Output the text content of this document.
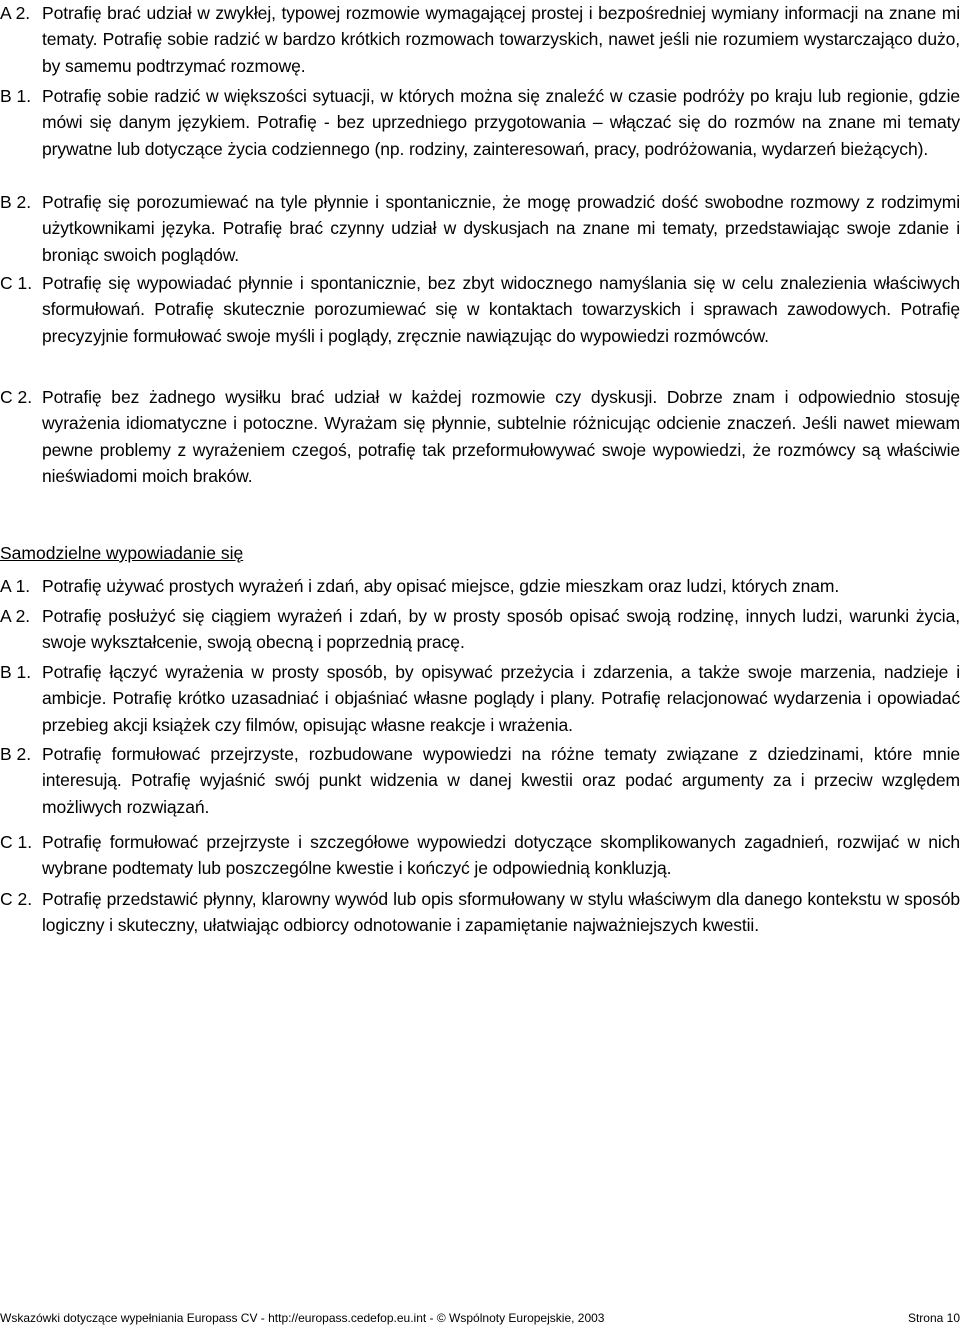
A 2. Potrafię brać udział w zwykłej, typowej rozmowie wymagającej prostej i bezpośredniej wymiany informacji na znane mi tematy. Potrafię sobie radzić w bardzo krótkich rozmowach towarzyskich, nawet jeśli nie rozumiem wystarczająco dużo, by samemu podtrzymać rozmowę.
B 1. Potrafię sobie radzić w większości sytuacji, w których można się znaleźć w czasie podróży po kraju lub regionie, gdzie mówi się danym językiem. Potrafię - bez uprzedniego przygotowania – włączać się do rozmów na znane mi tematy prywatne lub dotyczące życia codziennego (np. rodziny, zainteresowań, pracy, podróżowania, wydarzeń bieżących).
B 2. Potrafię się porozumiewać na tyle płynnie i spontanicznie, że mogę prowadzić dość swobodne rozmowy z rodzimymi użytkownikami języka. Potrafię brać czynny udział w dyskusjach na znane mi tematy, przedstawiając swoje zdanie i broniąc swoich poglądów.
C 1. Potrafię się wypowiadać płynnie i spontanicznie, bez zbyt widocznego namyślania się w celu znalezienia właściwych sformułowań. Potrafię skutecznie porozumiewać się w kontaktach towarzyskich i sprawach zawodowych. Potrafię precyzyjnie formułować swoje myśli i poglądy, zręcznie nawiązując do wypowiedzi rozmówców.
C 2. Potrafię bez żadnego wysiłku brać udział w każdej rozmowie czy dyskusji. Dobrze znam i odpowiednio stosuję wyrażenia idiomatyczne i potoczne. Wyrażam się płynnie, subtelnie różnicując odcienie znaczeń. Jeśli nawet miewam pewne problemy z wyrażeniem czegoś, potrafię tak przeformułowywać swoje wypowiedzi, że rozmówcy są właściwie nieświadomi moich braków.
Samodzielne wypowiadanie się
A 1. Potrafię używać prostych wyrażeń i zdań, aby opisać miejsce, gdzie mieszkam oraz ludzi, których znam.
A 2. Potrafię posłużyć się ciągiem wyrażeń i zdań, by w prosty sposób opisać swoją rodzinę, innych ludzi, warunki życia, swoje wykształcenie, swoją obecną i poprzednią pracę.
B 1. Potrafię łączyć wyrażenia w prosty sposób, by opisywać przeżycia i zdarzenia, a także swoje marzenia, nadzieje i ambicje. Potrafię krótko uzasadniać i objaśniać własne poglądy i plany. Potrafię relacjonować wydarzenia i opowiadać przebieg akcji książek czy filmów, opisując własne reakcje i wrażenia.
B 2. Potrafię formułować przejrzyste, rozbudowane wypowiedzi na różne tematy związane z dziedzinami, które mnie interesują. Potrafię wyjaśnić swój punkt widzenia w danej kwestii oraz podać argumenty za i przeciw względem możliwych rozwiązań.
C 1. Potrafię formułować przejrzyste i szczegółowe wypowiedzi dotyczące skomplikowanych zagadnień, rozwijać w nich wybrane podtematy lub poszczególne kwestie i kończyć je odpowiednią konkluzją.
C 2. Potrafię przedstawić płynny, klarowny wywód lub opis sformułowany w stylu właściwym dla danego kontekstu w sposób logiczny i skuteczny, ułatwiając odbiorcy odnotowanie i zapamiętanie najważniejszych kwestii.
Wskazówki dotyczące wypełniania Europass CV - http://europass.cedefop.eu.int - © Wspólnoty Europejskie, 2003	Strona 10
